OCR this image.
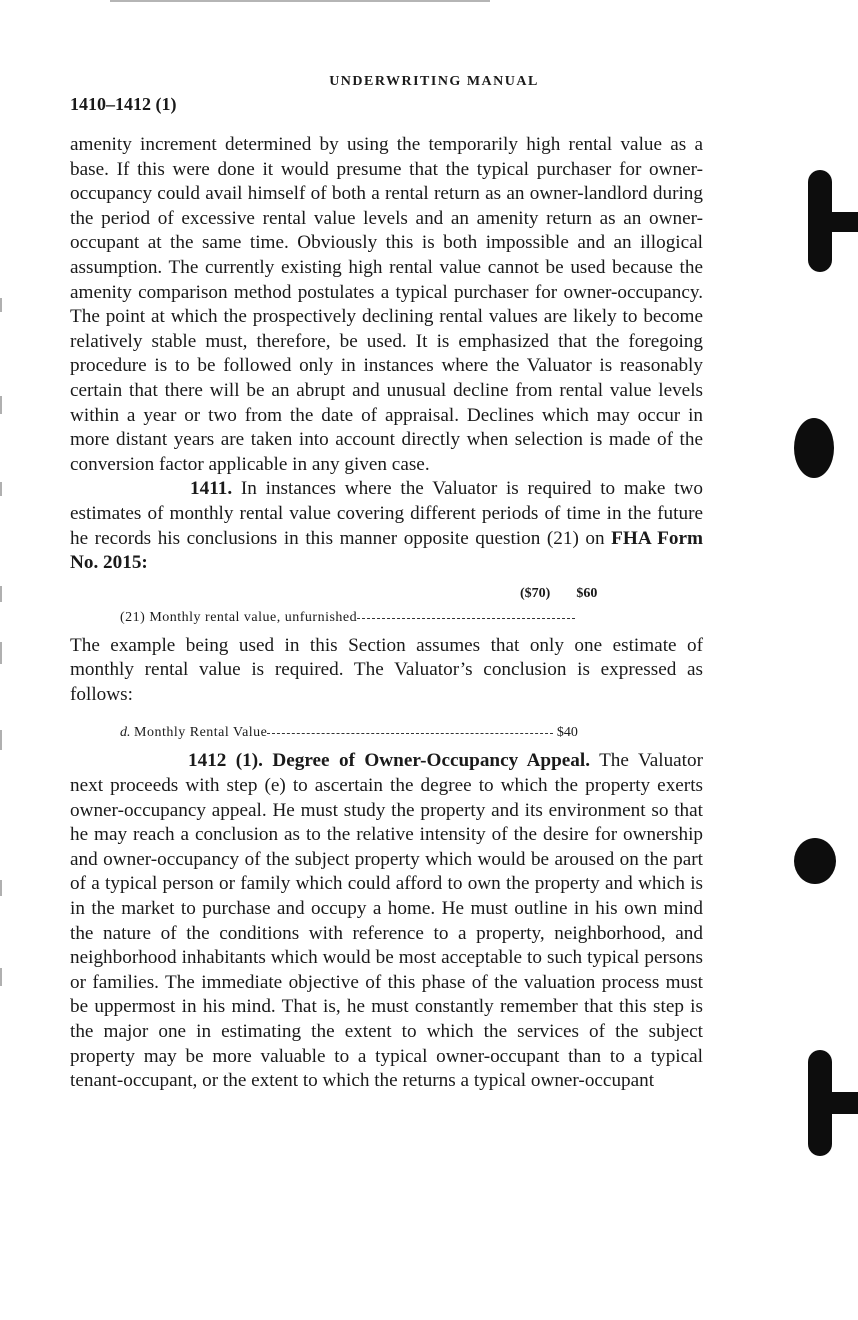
UNDERWRITING MANUAL
1410–1412 (1)

amenity increment determined by using the temporarily high rental value as a base. If this were done it would presume that the typical purchaser for owner-occupancy could avail himself of both a rental return as an owner-landlord during the period of excessive rental value levels and an amenity return as an owner-occupant at the same time. Obviously this is both impossible and an illogical assumption. The currently existing high rental value cannot be used because the amenity comparison method postulates a typical purchaser for owner-occupancy. The point at which the prospectively declining rental values are likely to become relatively stable must, therefore, be used. It is emphasized that the foregoing procedure is to be followed only in instances where the Valuator is reasonably certain that there will be an abrupt and unusual decline from rental value levels within a year or two from the date of appraisal. Declines which may occur in more distant years are taken into account directly when selection is made of the conversion factor applicable in any given case.

1411. In instances where the Valuator is required to make two estimates of monthly rental value covering different periods of time in the future he records his conclusions in this manner opposite question (21) on FHA Form No. 2015:

($70) $60
(21) Monthly rental value, unfurnished

The example being used in this Section assumes that only one estimate of monthly rental value is required. The Valuator’s conclusion is expressed as follows:

d. Monthly Rental Value	$40

1412 (1). Degree of Owner-Occupancy Appeal. The Valuator next proceeds with step (e) to ascertain the degree to which the property exerts owner-occupancy appeal. He must study the property and its environment so that he may reach a conclusion as to the relative intensity of the desire for ownership and owner-occupancy of the subject property which would be aroused on the part of a typical person or family which could afford to own the property and which is in the market to purchase and occupy a home. He must outline in his own mind the nature of the conditions with reference to a property, neighborhood, and neighborhood inhabitants which would be most acceptable to such typical persons or families. The immediate objective of this phase of the valuation process must be uppermost in his mind. That is, he must constantly remember that this step is the major one in estimating the extent to which the services of the subject property may be more valuable to a typical owner-occupant than to a typical tenant-occupant, or the extent to which the returns a typical owner-occupant
